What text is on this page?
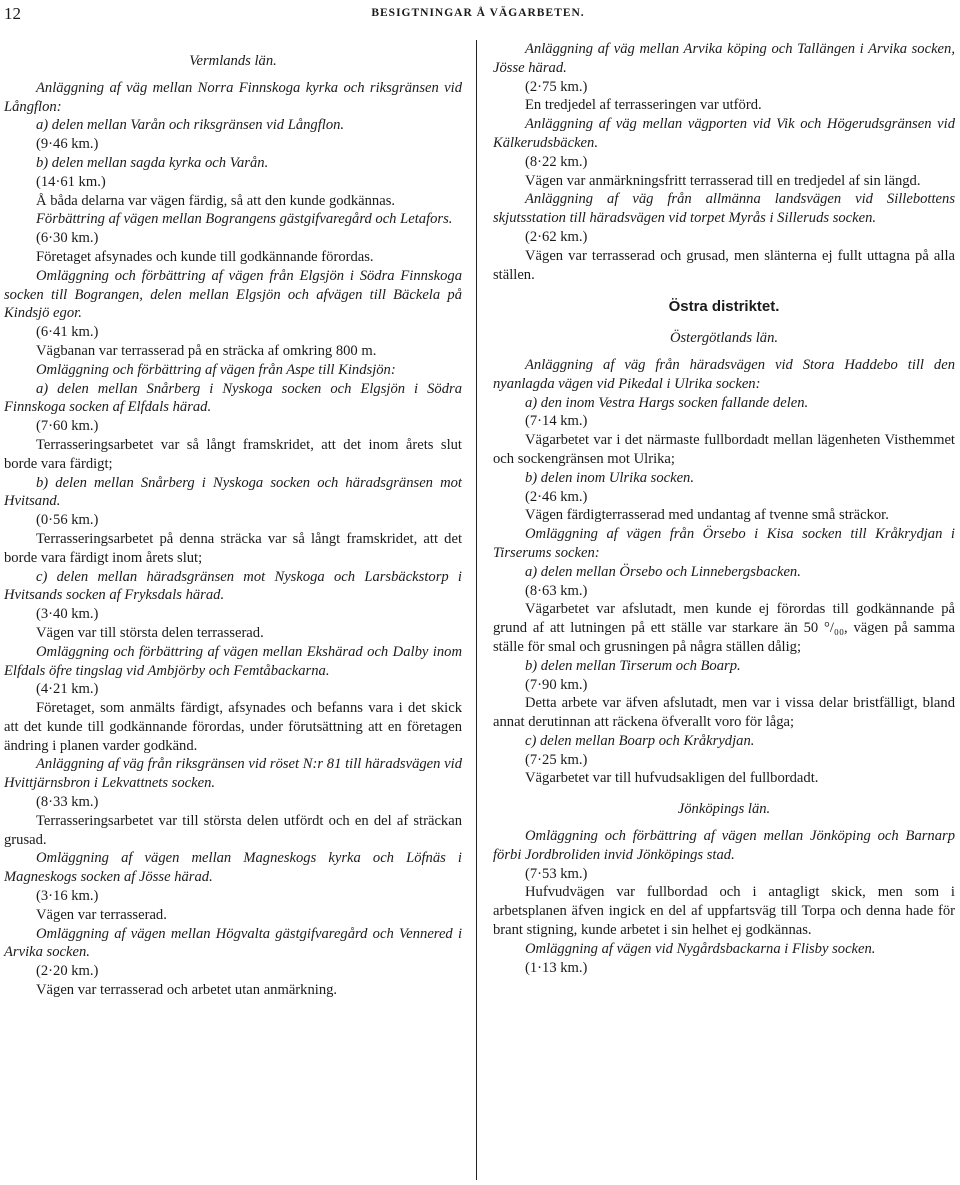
12	BESIGTNINGAR Å VÄGARBETEN.

Vermlands län.

Anläggning af väg mellan Norra Finnskoga kyrka och riksgränsen vid Långflon:

a) delen mellan Varån och riksgränsen vid Långflon.

(9·46 km.)

b) delen mellan sagda kyrka och Varån.

(14·61 km.)

Å båda delarna var vägen färdig, så att den kunde godkännas.

Förbättring af vägen mellan Bograngens gästgifvaregård och Letafors.

(6·30 km.)

Företaget afsynades och kunde till godkännande förordas.

Omläggning och förbättring af vägen från Elgsjön i Södra Finnskoga socken till Bograngen, delen mellan Elgsjön och afvägen till Bäckela på Kindsjö egor.

(6·41 km.)

Vägbanan var terrasserad på en sträcka af omkring 800 m.

Omläggning och förbättring af vägen från Aspe till Kindsjön:

a) delen mellan Snårberg i Nyskoga socken och Elgsjön i Södra Finnskoga socken af Elfdals härad.

(7·60 km.)

Terrasseringsarbetet var så långt framskridet, att det inom årets slut borde vara färdigt;

b) delen mellan Snårberg i Nyskoga socken och häradsgränsen mot Hvitsand.

(0·56 km.)

Terrasseringsarbetet på denna sträcka var så långt framskridet, att det borde vara färdigt inom årets slut;

c) delen mellan häradsgränsen mot Nyskoga och Larsbäckstorp i Hvitsands socken af Fryksdals härad.

(3·40 km.)

Vägen var till största delen terrasserad.

Omläggning och förbättring af vägen mellan Ekshärad och Dalby inom Elfdals öfre tingslag vid Ambjörby och Femtåbackarna.

(4·21 km.)

Företaget, som anmälts färdigt, afsynades och befanns vara i det skick att det kunde till godkännande förordas, under förutsättning att en företagen ändring i planen varder godkänd.

Anläggning af väg från riksgränsen vid röset N:r 81 till häradsvägen vid Hvittjärnsbron i Lekvattnets socken.

(8·33 km.)

Terrasseringsarbetet var till största delen utfördt och en del af sträckan grusad.

Omläggning af vägen mellan Magneskogs kyrka och Löfnäs i Magneskogs socken af Jösse härad.

(3·16 km.)

Vägen var terrasserad.

Omläggning af vägen mellan Högvalta gästgifvaregård och Vennered i Arvika socken.

(2·20 km.)

Vägen var terrasserad och arbetet utan anmärkning.

Anläggning af väg mellan Arvika köping och Tallängen i Arvika socken, Jösse härad.

(2·75 km.)

En tredjedel af terrasseringen var utförd.

Anläggning af väg mellan vägporten vid Vik och Högerudsgränsen vid Kälkerudsbäcken.

(8·22 km.)

Vägen var anmärkningsfritt terrasserad till en tredjedel af sin längd.

Anläggning af väg från allmänna landsvägen vid Sillebottens skjutsstation till häradsvägen vid torpet Myrås i Silleruds socken.

(2·62 km.)

Vägen var terrasserad och grusad, men slänterna ej fullt uttagna på alla ställen.

Östra distriktet.

Östergötlands län.

Anläggning af väg från häradsvägen vid Stora Haddebo till den nyanlagda vägen vid Pikedal i Ulrika socken:

a) den inom Vestra Hargs socken fallande delen.

(7·14 km.)

Vägarbetet var i det närmaste fullbordadt mellan lägenheten Visthemmet och sockengränsen mot Ulrika;

b) delen inom Ulrika socken.

(2·46 km.)

Vägen färdigterrasserad med undantag af tvenne små sträckor.

Omläggning af vägen från Örsebo i Kisa socken till Kråkrydjan i Tirserums socken:

a) delen mellan Örsebo och Linnebergsbacken.

(8·63 km.)

Vägarbetet var afslutadt, men kunde ej förordas till godkännande på grund af att lutningen på ett ställe var starkare än 50 °/₀₀, vägen på samma ställe för smal och grusningen på några ställen dålig;

b) delen mellan Tirserum och Boarp.

(7·90 km.)

Detta arbete var äfven afslutadt, men var i vissa delar bristfälligt, bland annat derutinnan att räckena öfverallt voro för låga;

c) delen mellan Boarp och Kråkrydjan.

(7·25 km.)

Vägarbetet var till hufvudsakligen del fullbordadt.

Jönköpings län.

Omläggning och förbättring af vägen mellan Jönköping och Barnarp förbi Jordbroliden invid Jönköpings stad.

(7·53 km.)

Hufvudvägen var fullbordad och i antagligt skick, men som i arbetsplanen äfven ingick en del af uppfartsväg till Torpa och denna hade för brant stigning, kunde arbetet i sin helhet ej godkännas.

Omläggning af vägen vid Nygårdsbackarna i Flisby socken.

(1·13 km.)
